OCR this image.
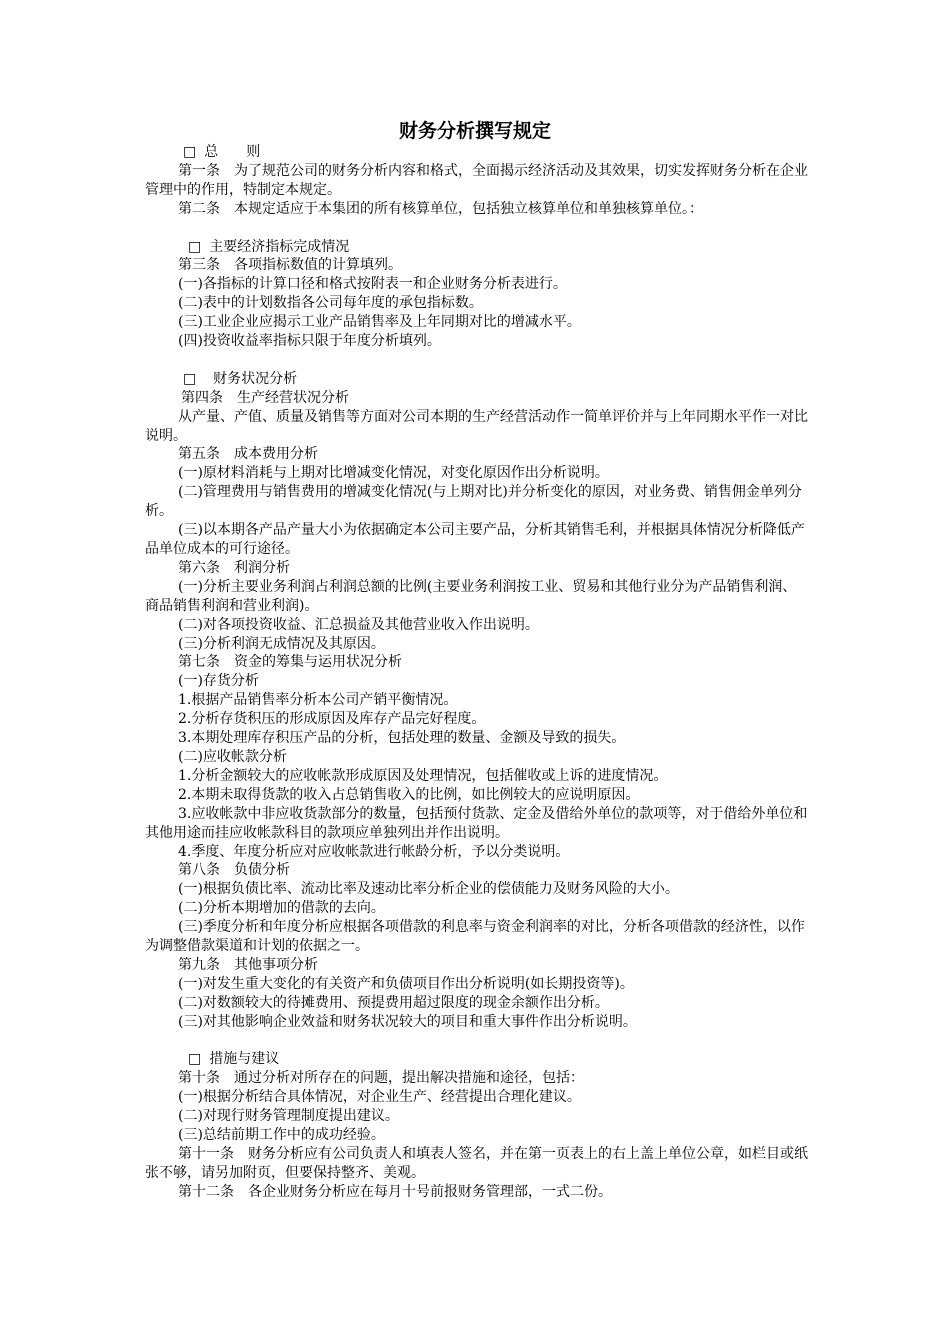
财务分析撰写规定

□ 总　　则

第一条　为了规范公司的财务分析内容和格式，全面揭示经济活动及其效果，切实发挥财务分析在企业管理中的作用，特制定本规定。

第二条　本规定适应于本集团的所有核算单位，包括独立核算单位和单独核算单位。：

□ 主要经济指标完成情况

第三条　各项指标数值的计算填列。

(一)各指标的计算口径和格式按附表一和企业财务分析表进行。

(二)表中的计划数指各公司每年度的承包指标数。

(三)工业企业应揭示工业产品销售率及上年同期对比的增减水平。

(四)投资收益率指标只限于年度分析填列。

□ 财务状况分析

第四条　生产经营状况分析

从产量、产值、质量及销售等方面对公司本期的生产经营活动作一简单评价并与上年同期水平作一对比说明。

第五条　成本费用分析

(一)原材料消耗与上期对比增减变化情况，对变化原因作出分析说明。

(二)管理费用与销售费用的增减变化情况(与上期对比)并分析变化的原因，对业务费、销售佣金单列分析。

(三)以本期各产品产量大小为依据确定本公司主要产品，分析其销售毛利，并根据具体情况分析降低产品单位成本的可行途径。

第六条　利润分析

(一)分析主要业务利润占利润总额的比例(主要业务利润按工业、贸易和其他行业分为产品销售利润、商品销售利润和营业利润)。

(二)对各项投资收益、汇总损益及其他营业收入作出说明。

(三)分析利润无成情况及其原因。

第七条　资金的筹集与运用状况分析

(一)存货分析

1.根据产品销售率分析本公司产销平衡情况。

2.分析存货积压的形成原因及库存产品完好程度。

3.本期处理库存积压产品的分析，包括处理的数量、金额及导致的损失。

(二)应收帐款分析

1.分析金额较大的应收帐款形成原因及处理情况，包括催收或上诉的进度情况。

2.本期未取得货款的收入占总销售收入的比例，如比例较大的应说明原因。

3.应收帐款中非应收货款部分的数量，包括预付货款、定金及借给外单位的款项等，对于借给外单位和其他用途而挂应收帐款科目的款项应单独列出并作出说明。

4.季度、年度分析应对应收帐款进行帐龄分析，予以分类说明。

第八条　负债分析

(一)根据负债比率、流动比率及速动比率分析企业的偿债能力及财务风险的大小。

(二)分析本期增加的借款的去向。

(三)季度分析和年度分析应根据各项借款的利息率与资金利润率的对比，分析各项借款的经济性，以作为调整借款渠道和计划的依据之一。

第九条　其他事项分析

(一)对发生重大变化的有关资产和负债项目作出分析说明(如长期投资等)。

(二)对数额较大的待摊费用、预提费用超过限度的现金余额作出分析。

(三)对其他影响企业效益和财务状况较大的项目和重大事件作出分析说明。

□ 措施与建议

第十条　通过分析对所存在的问题，提出解决措施和途径，包括：

(一)根据分析结合具体情况，对企业生产、经营提出合理化建议。

(二)对现行财务管理制度提出建议。

(三)总结前期工作中的成功经验。

第十一条　财务分析应有公司负责人和填表人签名，并在第一页表上的右上盖上单位公章，如栏目或纸张不够，请另加附页，但要保持整齐、美观。

第十二条　各企业财务分析应在每月十号前报财务管理部，一式二份。
